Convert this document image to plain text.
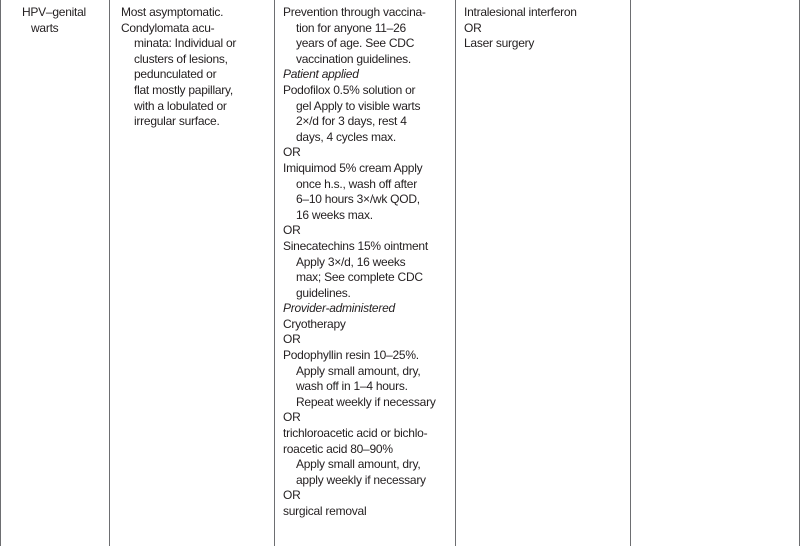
HPV–genital
warts
Most asymptomatic.
Condylomata acu-
minata: Individual or
clusters of lesions,
pedunculated or
flat mostly papillary,
with a lobulated or
irregular surface.
Prevention through vaccina-
tion for anyone 11–26
years of age. See CDC
vaccination guidelines.
Patient applied
Podofilox 0.5% solution or
gel Apply to visible warts
2×/d for 3 days, rest 4
days, 4 cycles max.
OR
Imiquimod 5% cream Apply
once h.s., wash off after
6–10 hours 3×/wk QOD,
16 weeks max.
OR
Sinecatechins 15% ointment
Apply 3×/d, 16 weeks
max; See complete CDC
guidelines.
Provider-administered
Cryotherapy
OR
Podophyllin resin 10–25%.
Apply small amount, dry,
wash off in 1–4 hours.
Repeat weekly if necessary
OR
trichloroacetic acid or bichlo-
roacetic acid 80–90%
Apply small amount, dry,
apply weekly if necessary
OR
surgical removal
Intralesional interferon
OR
Laser surgery
